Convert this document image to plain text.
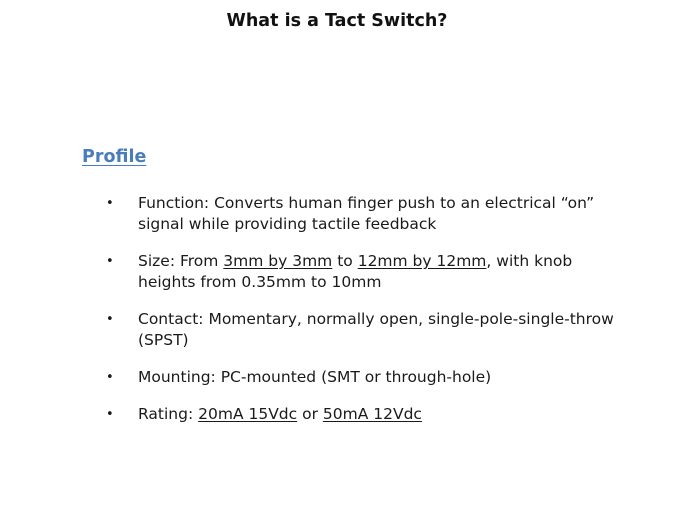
What is a Tact Switch?
Profile
•	Function: Converts human finger push to an electrical “on” signal while providing tactile feedback
•	Size: From 3mm by 3mm to 12mm by 12mm, with knob heights from 0.35mm to 10mm
•	Contact: Momentary, normally open, single-pole-single-throw (SPST)
•	Mounting: PC-mounted (SMT or through-hole)
•	Rating: 20mA 15Vdc or 50mA 12Vdc
